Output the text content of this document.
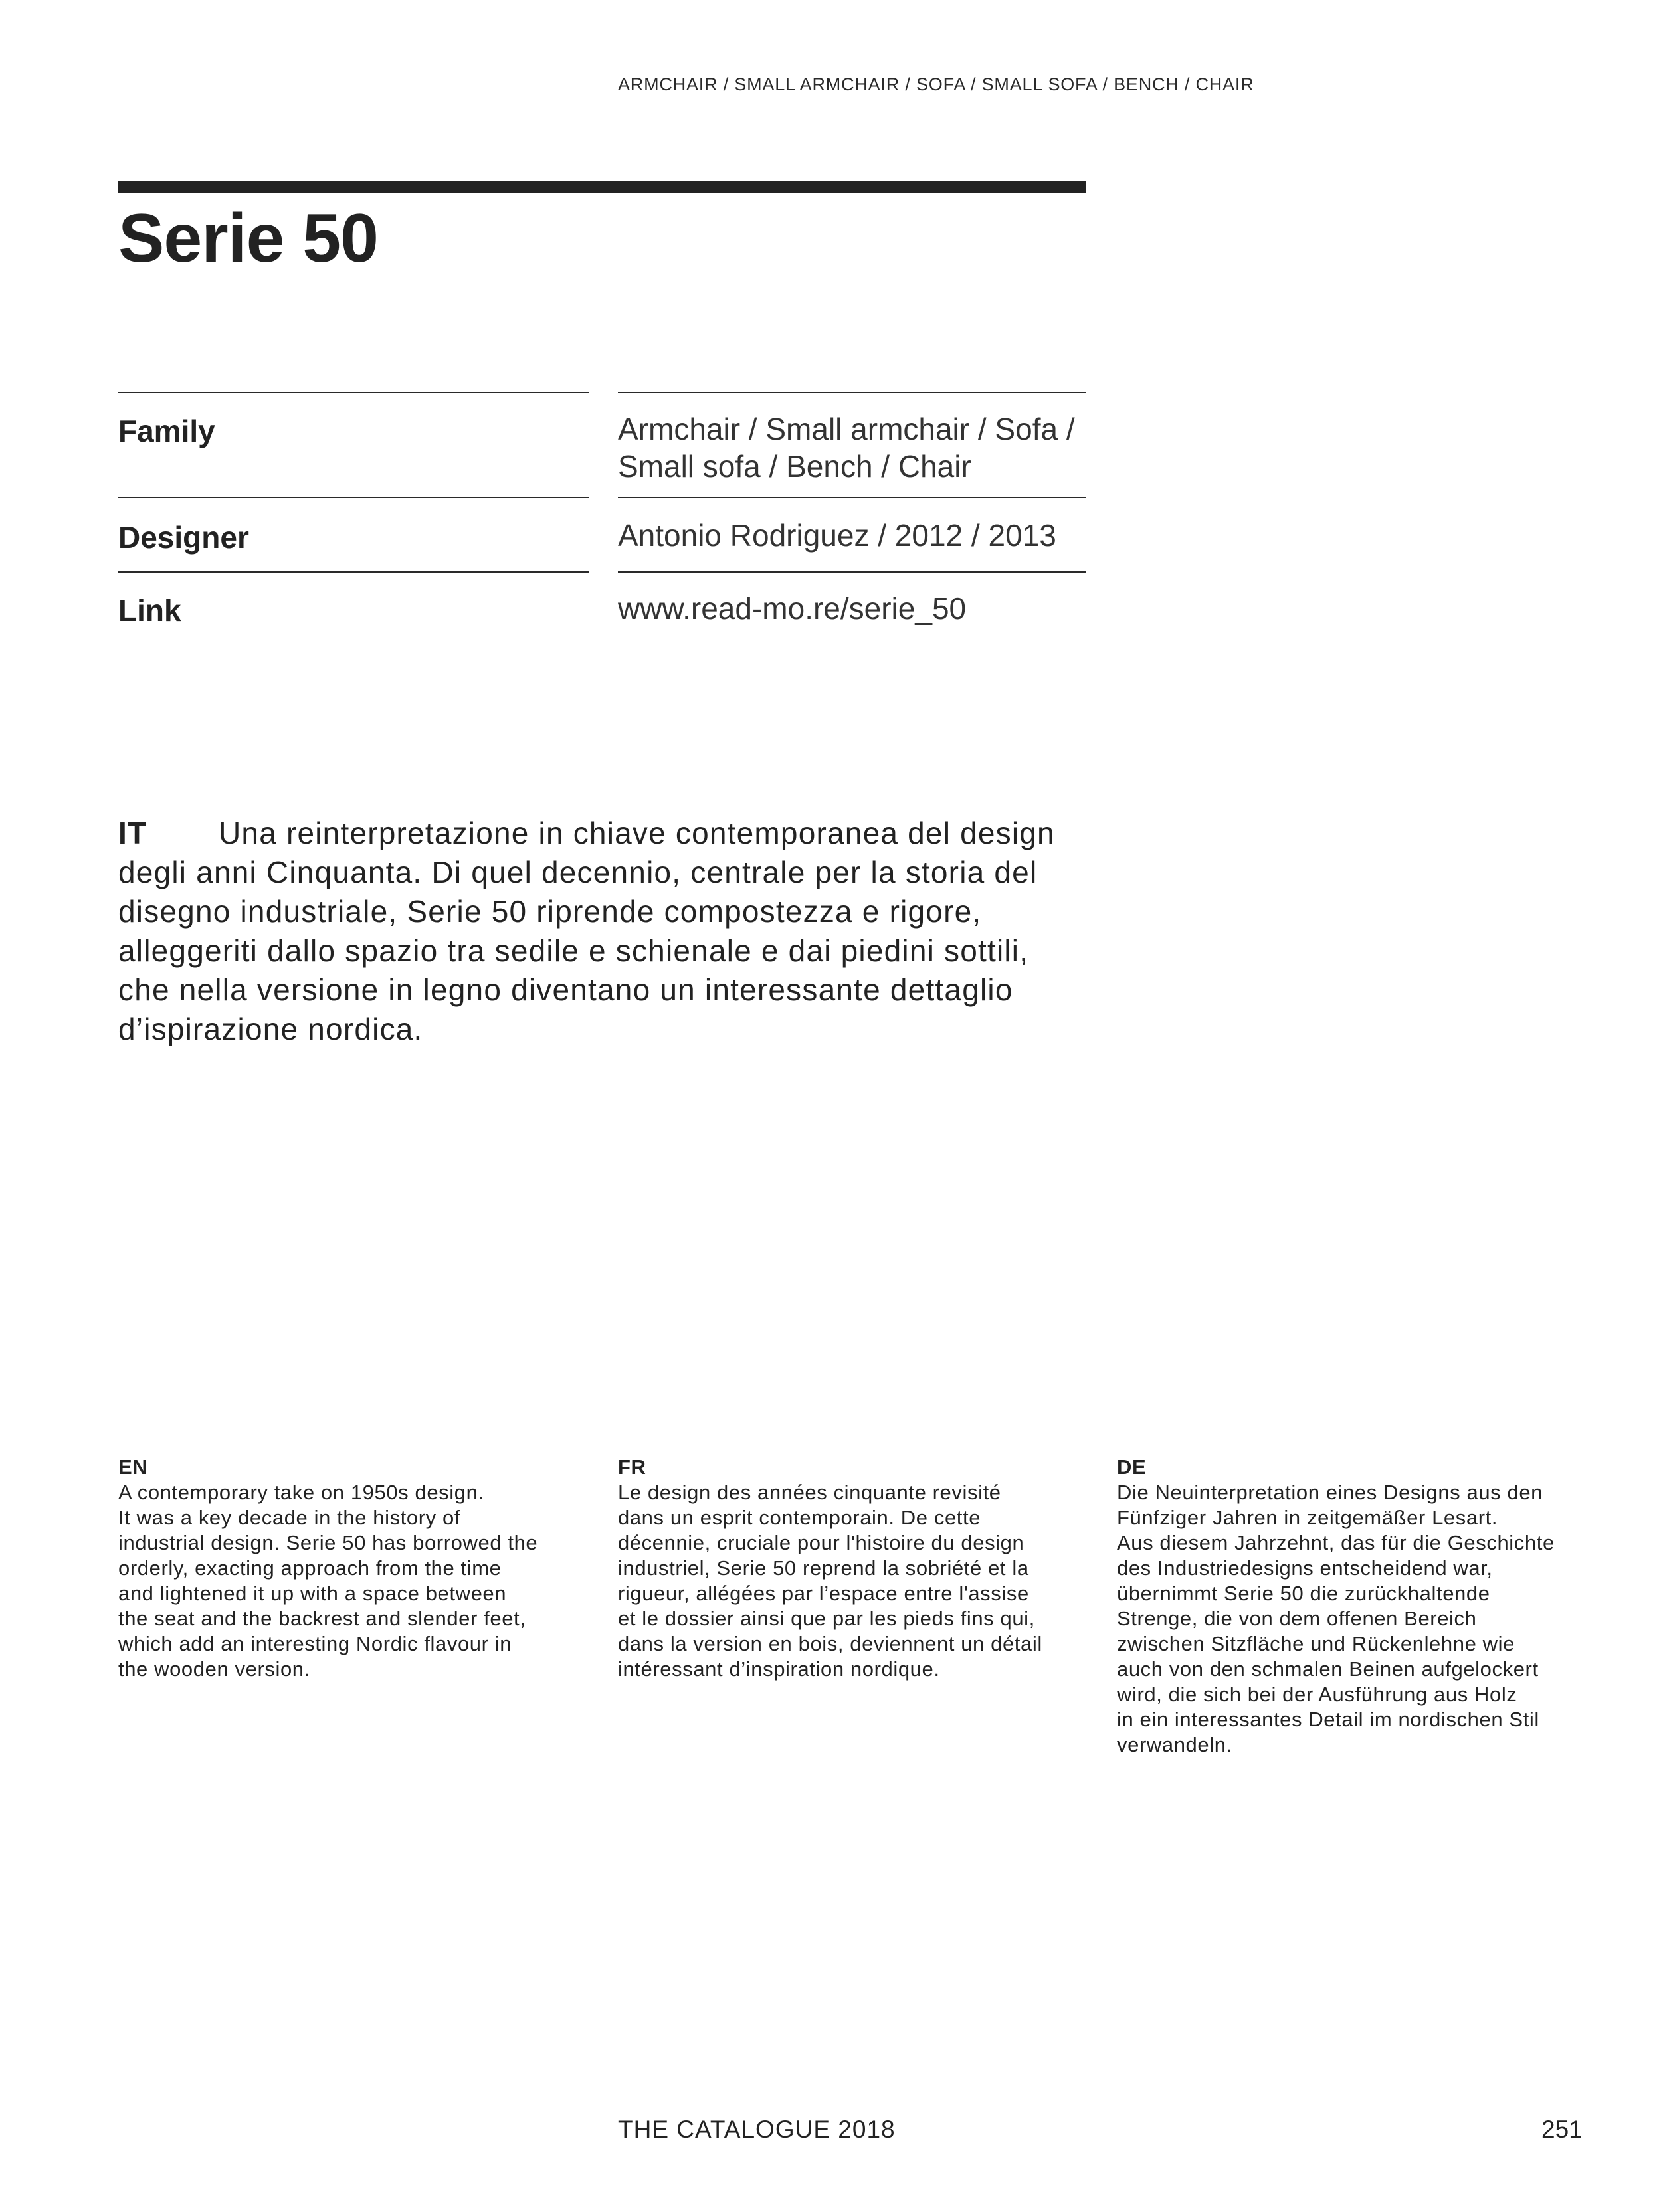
ARMCHAIR / SMALL ARMCHAIR / SOFA / SMALL SOFA / BENCH / CHAIR
Serie 50
Family	Armchair / Small armchair / Sofa /
Small sofa / Bench / Chair
Designer	Antonio Rodriguez / 2012 / 2013
Link	www.read-mo.re/serie_50
IT Una reinterpretazione in chiave contemporanea del design degli anni Cinquanta. Di quel decennio, centrale per la storia del disegno industriale, Serie 50 riprende compostezza e rigore, alleggeriti dallo spazio tra sedile e schienale e dai piedini sottili, che nella versione in legno diventano un interessante dettaglio d’ispirazione nordica.
EN
A contemporary take on 1950s design.
It was a key decade in the history of
industrial design. Serie 50 has borrowed the
orderly, exacting approach from the time
and lightened it up with a space between
the seat and the backrest and slender feet,
which add an interesting Nordic flavour in
the wooden version.
FR
Le design des années cinquante revisité
dans un esprit contemporain. De cette
décennie, cruciale pour l'histoire du design
industriel, Serie 50 reprend la sobriété et la
rigueur, allégées par l’espace entre l'assise
et le dossier ainsi que par les pieds fins qui,
dans la version en bois, deviennent un détail
intéressant d’inspiration nordique.
DE
Die Neuinterpretation eines Designs aus den
Fünfziger Jahren in zeitgemäßer Lesart.
Aus diesem Jahrzehnt, das für die Geschichte
des Industriedesigns entscheidend war,
übernimmt Serie 50 die zurückhaltende
Strenge, die von dem offenen Bereich
zwischen Sitzfläche und Rückenlehne wie
auch von den schmalen Beinen aufgelockert
wird, die sich bei der Ausführung aus Holz
in ein interessantes Detail im nordischen Stil
verwandeln.
THE CATALOGUE 2018	251
